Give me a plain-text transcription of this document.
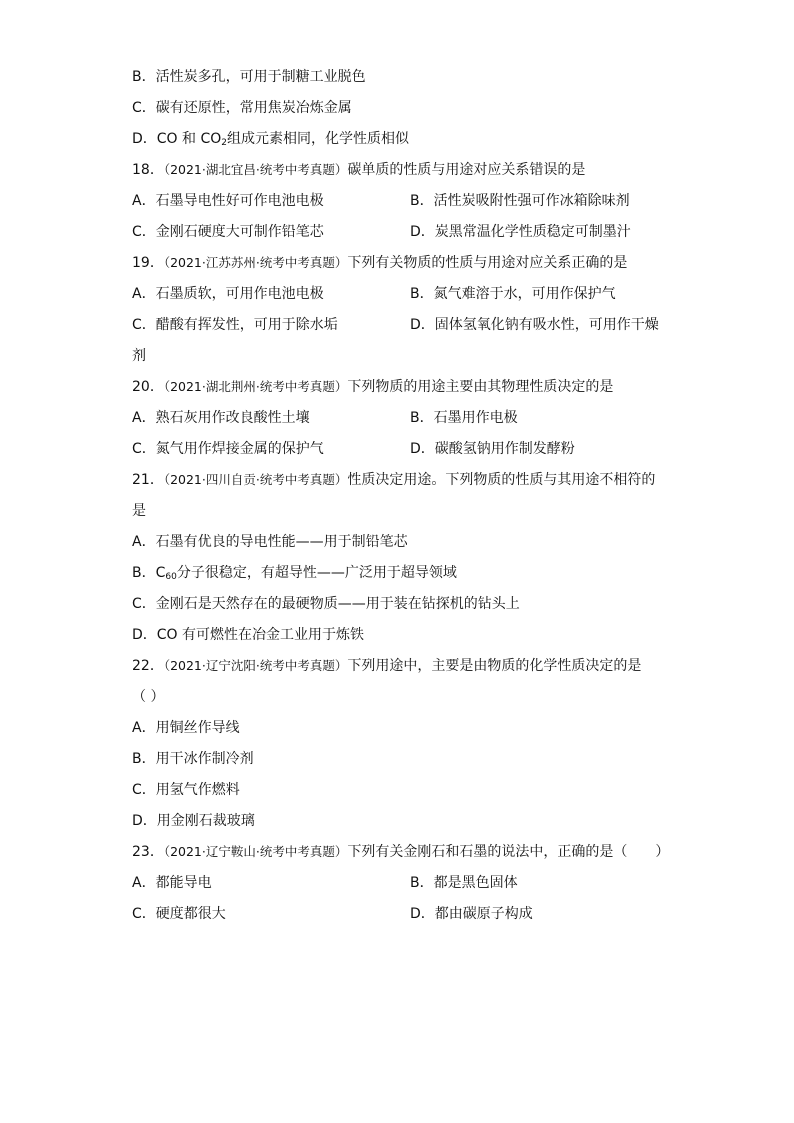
B．活性炭多孔，可用于制糖工业脱色
C．碳有还原性，常用焦炭冶炼金属
D．CO 和 $CO_2$组成元素相同，化学性质相似
18．（2021·湖北宜昌·统考中考真题）碳单质的性质与用途对应关系错误的是
A．石墨导电性好可作电池电极	B．活性炭吸附性强可作冰箱除味剂
C．金刚石硬度大可制作铅笔芯	D．炭黑常温化学性质稳定可制墨汁
19．（2021·江苏苏州·统考中考真题）下列有关物质的性质与用途对应关系正确的是
A．石墨质软，可用作电池电极	B．氮气难溶于水，可用作保护气
C．醋酸有挥发性，可用于除水垢	D．固体氢氧化钠有吸水性，可用作干燥
剂
20．（2021·湖北荆州·统考中考真题）下列物质的用途主要由其物理性质决定的是
A．熟石灰用作改良酸性土壤	B．石墨用作电极
C．氮气用作焊接金属的保护气	D．碳酸氢钠用作制发酵粉
21．（2021·四川自贡·统考中考真题）性质决定用途。下列物质的性质与其用途不相符的
是
A．石墨有优良的导电性能——用于制铅笔芯
B．$C_{60}$分子很稳定，有超导性——广泛用于超导领域
C．金刚石是天然存在的最硬物质——用于装在钻探机的钻头上
D．CO 有可燃性在冶金工业用于炼铁
22．（2021·辽宁沈阳·统考中考真题）下列用途中，主要是由物质的化学性质决定的是
（ ）
A．用铜丝作导线
B．用干冰作制冷剂
C．用氢气作燃料
D．用金刚石裁玻璃
23．（2021·辽宁鞍山·统考中考真题）下列有关金刚石和石墨的说法中，正确的是（　　）
A．都能导电	B．都是黑色固体
C．硬度都很大	D．都由碳原子构成
